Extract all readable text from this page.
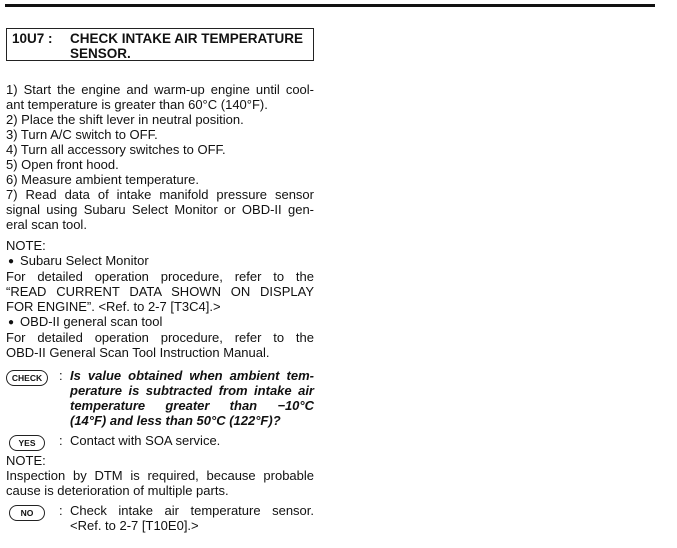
10U7 : CHECK INTAKE AIR TEMPERATURE
SENSOR.
1) Start the engine and warm-up engine until cool-
ant temperature is greater than 60°C (140°F).
2) Place the shift lever in neutral position.
3) Turn A/C switch to OFF.
4) Turn all accessory switches to OFF.
5) Open front hood.
6) Measure ambient temperature.
7) Read data of intake manifold pressure sensor
signal using Subaru Select Monitor or OBD-II gen-
eral scan tool.
NOTE:
● Subaru Select Monitor
For detailed operation procedure, refer to the
“READ CURRENT DATA SHOWN ON DISPLAY
FOR ENGINE”. <Ref. to 2-7 [T3C4].>
● OBD-II general scan tool
For detailed operation procedure, refer to the
OBD-II General Scan Tool Instruction Manual.
CHECK	: Is value obtained when ambient tem-
perature is subtracted from intake air
temperature greater than −10°C
(14°F) and less than 50°C (122°F)?
YES	: Contact with SOA service.
NOTE:
Inspection by DTM is required, because probable
cause is deterioration of multiple parts.
NO	: Check intake air temperature sensor.
<Ref. to 2-7 [T10E0].>
